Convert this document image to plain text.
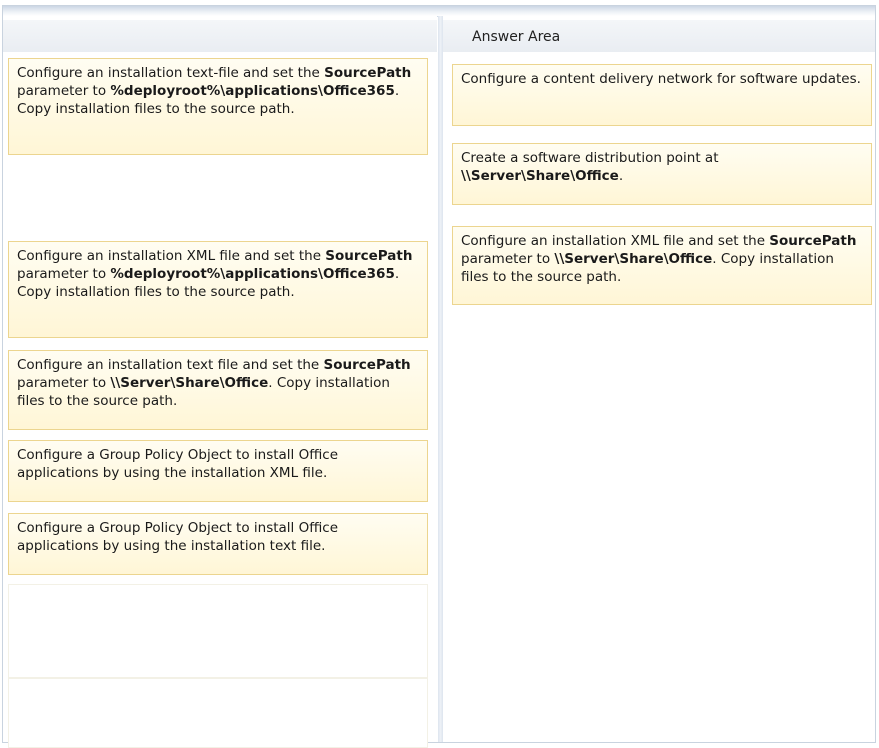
Configure an installation text-file and set the SourcePath parameter to %deployroot%\applications\Office365. Copy installation files to the source path.
Configure an installation XML file and set the SourcePath parameter to %deployroot%\applications\Office365. Copy installation files to the source path.
Configure an installation text file and set the SourcePath parameter to \\Server\Share\Office. Copy installation files to the source path.
Configure a Group Policy Object to install Office applications by using the installation XML file.
Configure a Group Policy Object to install Office applications by using the installation text file.
Answer Area
Configure a content delivery network for software updates.
Create a software distribution point at \\Server\Share\Office.
Configure an installation XML file and set the SourcePath parameter to \\Server\Share\Office. Copy installation files to the source path.
